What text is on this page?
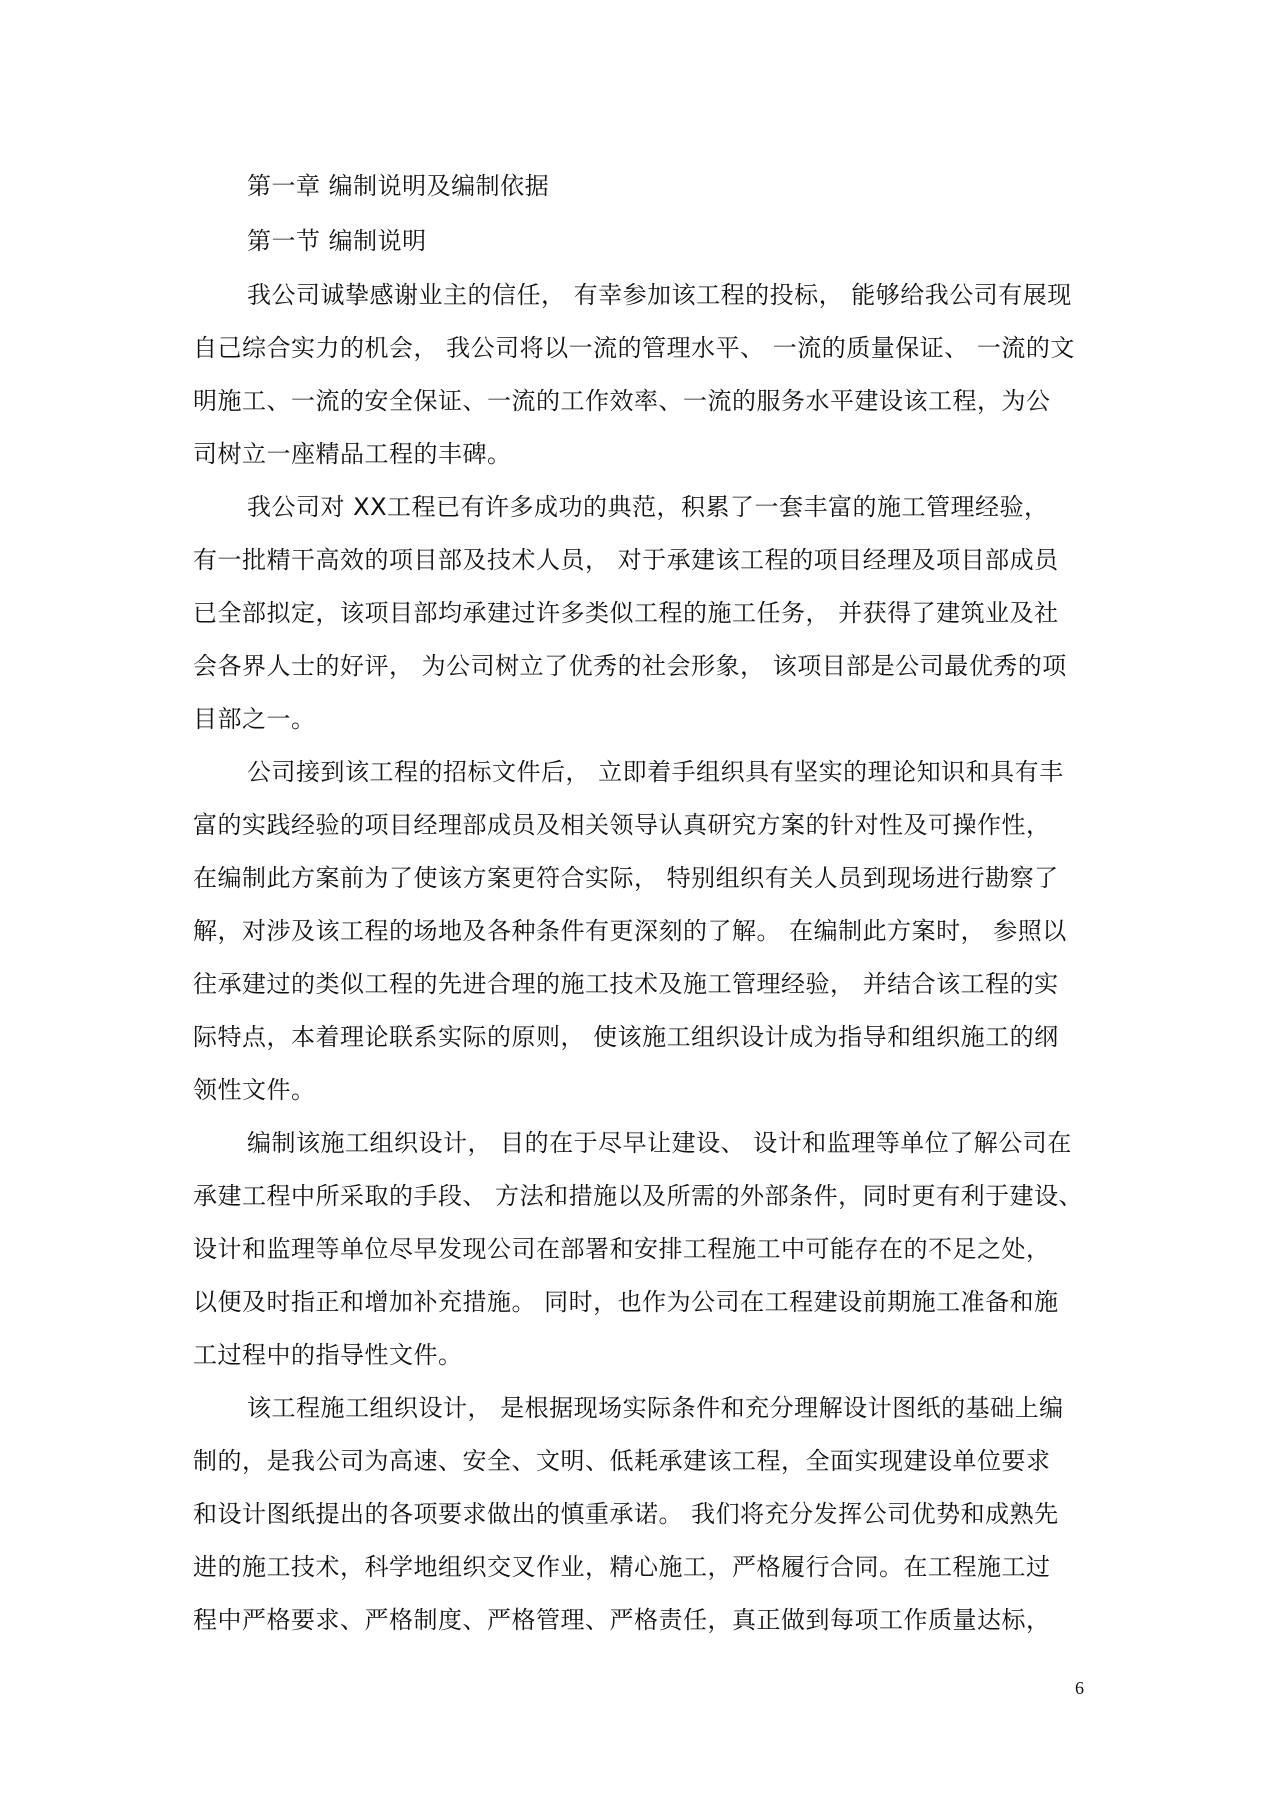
第一章 编制说明及编制依据
第一节 编制说明
我公司诚挚感谢业主的信任， 有幸参加该工程的投标， 能够给我公司有展现
自己综合实力的机会， 我公司将以一流的管理水平、 一流的质量保证、 一流的文
明施工、一流的安全保证、一流的工作效率、一流的服务水平建设该工程，为公
司树立一座精品工程的丰碑。
我公司对 XX工程已有许多成功的典范，积累了一套丰富的施工管理经验，
有一批精干高效的项目部及技术人员， 对于承建该工程的项目经理及项目部成员
已全部拟定，该项目部均承建过许多类似工程的施工任务， 并获得了建筑业及社
会各界人士的好评， 为公司树立了优秀的社会形象， 该项目部是公司最优秀的项
目部之一。
公司接到该工程的招标文件后， 立即着手组织具有坚实的理论知识和具有丰
富的实践经验的项目经理部成员及相关领导认真研究方案的针对性及可操作性，
在编制此方案前为了使该方案更符合实际， 特别组织有关人员到现场进行勘察了
解，对涉及该工程的场地及各种条件有更深刻的了解。 在编制此方案时， 参照以
往承建过的类似工程的先进合理的施工技术及施工管理经验， 并结合该工程的实
际特点，本着理论联系实际的原则， 使该施工组织设计成为指导和组织施工的纲
领性文件。
编制该施工组织设计， 目的在于尽早让建设、 设计和监理等单位了解公司在
承建工程中所采取的手段、 方法和措施以及所需的外部条件，同时更有利于建设、
设计和监理等单位尽早发现公司在部署和安排工程施工中可能存在的不足之处，
以便及时指正和增加补充措施。 同时，也作为公司在工程建设前期施工准备和施
工过程中的指导性文件。
该工程施工组织设计， 是根据现场实际条件和充分理解设计图纸的基础上编
制的，是我公司为高速、安全、文明、低耗承建该工程，全面实现建设单位要求
和设计图纸提出的各项要求做出的慎重承诺。 我们将充分发挥公司优势和成熟先
进的施工技术，科学地组织交叉作业，精心施工，严格履行合同。在工程施工过
程中严格要求、严格制度、严格管理、严格责任，真正做到每项工作质量达标，
6
